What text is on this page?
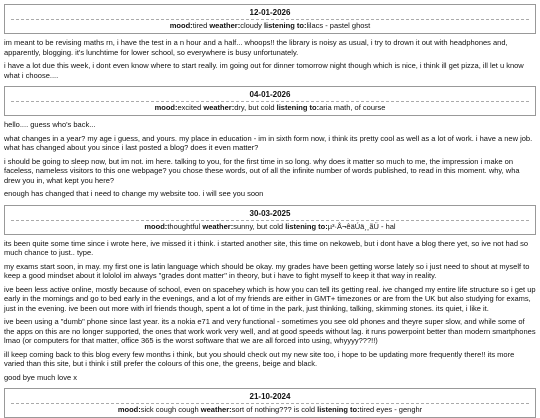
12-01-2026
mood:tired weather:cloudy listening to:lilacs - pastel ghost

im meant to be revising maths rn, i have the test in a n hour and a half... whoops!! the library is noisy as usual, i try to drown it out with headphones and, apparently, blogging. it's lunchtime for lower school, so everywhere is busy unfortunately.

i have a lot due this week, i dont even know where to start really. im going out for dinner tomorrow night though which is nice, i think ill get pizza, ill let u know what i choose....

04-01-2026
mood:excited weather:dry, but cold listening to:aria math, of course

hello.... guess who's back...

what changes in a year? my age i guess, and yours. my place in education - im in sixth form now, i think its pretty cool as well as a lot of work. i have a new job. what has changed about you since i last posted a blog? does it even matter?

i should be going to sleep now, but im not. im here. talking to you, for the first time in so long. why does it matter so much to me, the impression i make on faceless, nameless visitors to this one webpage? you chose these words, out of all the infinite number of words published, to read in this moment. why, wha drew you in, what kept you here?

enough has changed that i need to change my website too. i will see you soon

30-03-2025
mood:thoughtful weather:sunny, but cold listening to:µ³·Å¬êäÚä¸¸ãÜ - hal

its been quite some time since i wrote here, ive missed it i think. i started another site, this time on nekoweb, but i dont have a blog there yet, so ive not had so much chance to just.. type.

my exams start soon, in may. my first one is latin language which should be okay. my grades have been getting worse lately so i just need to shout at myself to keep a good mindset about it lololol im always "grades dont matter" in theory, but i have to fight myself to keep it that way in reality.

ive been less active online, mostly because of school, even on spacehey which is how you can tell its getting real. ive changed my entire life structure so i get up early in the mornings and go to bed early in the evenings, and a lot of my friends are either in GMT+ timezones or are from the UK but also studying for exams, just in the evening. ive been out more with irl friends though, spent a lot of time in the park, just thinking, talking, skimming stones. its quiet, i like it.

ive been using a "dumb" phone since last year. its a nokia e71 and very functional - sometimes you see old phones and theyre super slow, and while some of the apps on this are no longer supported, the ones that work work very well, and at good speeds without lag. it runs powerpoint better than modern smartphones lmao (or computers for that matter, office 365 is the worst software that we are all forced into using, whyyyy???!!)

ill keep coming back to this blog every few months i think, but you should check out my new site too, i hope to be updating more frequently there!! its more varied than this site, but i think i still prefer the colours of this one, the greens, beige and black.

good bye much love x

21-10-2024
mood:sick cough cough weather:sort of nothing??? is cold listening to:tired eyes - genghr
